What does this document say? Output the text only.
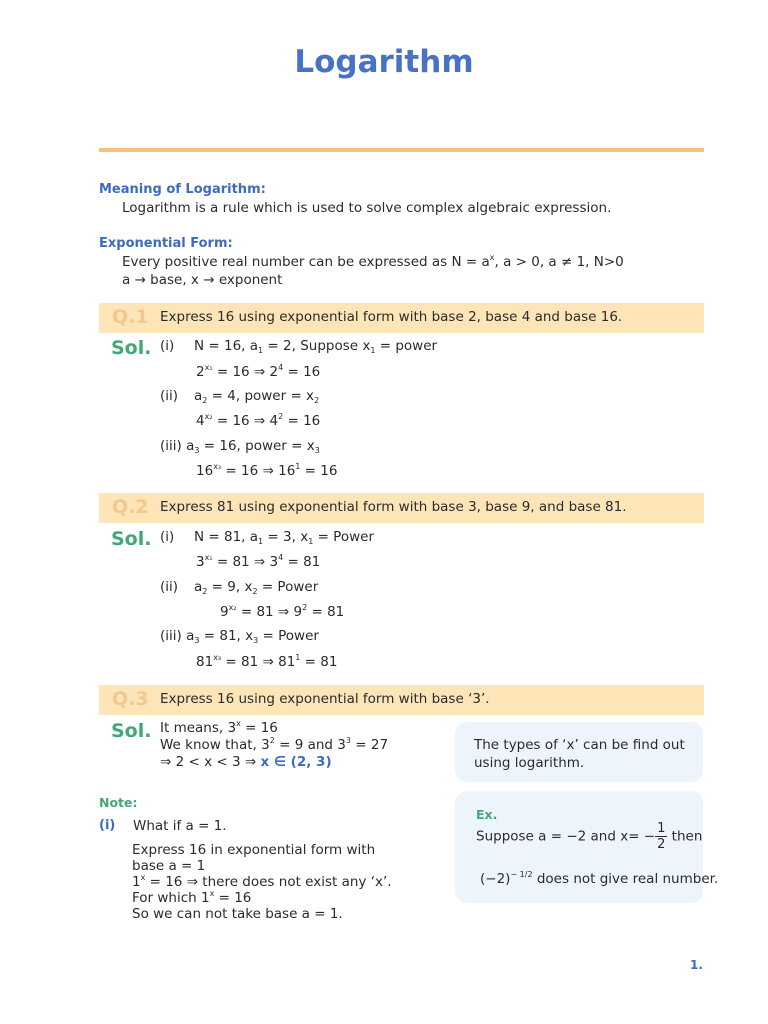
Logarithm
Meaning of Logarithm:
Logarithm is a rule which is used to solve complex algebraic expression.
Exponential Form:
Every positive real number can be expressed as $N = a^x$, a > 0, a ≠ 1, N>0
a → base, x → exponent
Q.1 Express 16 using exponential form with base 2, base 4 and base 16.
Sol. (i) N = 16, $a_1 = 2$, Suppose $x_1$ = power
$2^{x_1} = 16$ ⇒ $2^4 = 16$
(ii) $a_2 = 4$, power = $x_2$
$4^{x_2} = 16$ ⇒ $4^2 = 16$
(iii) $a_3 = 16$, power = $x_3$
$16^{x_3} = 16$ ⇒ $16^1 = 16$
Q.2 Express 81 using exponential form with base 3, base 9, and base 81.
Sol. (i) N = 81, $a_1 = 3$, $x_1$ = Power
$3^{x_1} = 81$ ⇒ $3^4 = 81$
(ii) $a_2 = 9$, $x_2$ = Power
$9^{x_2} = 81$ ⇒ $9^2 = 81$
(iii) $a_3 = 81$, $x_3$ = Power
$81^{x_3} = 81$ ⇒ $81^1 = 81$
Q.3 Express 16 using exponential form with base ‘3’.
Sol. It means, $3^x = 16$
We know that, $3^2 = 9$ and $3^3 = 27$
⇒ 2 < x < 3 ⇒ x ∈ (2, 3)
The types of ‘x’ can be find out
using logarithm.
Note:
(i) What if a = 1.
Express 16 in exponential form with
base a = 1
$1^x = 16$ ⇒ there does not exist any ‘x’.
For which $1^x = 16$
So we can not take base a = 1.
Ex.
Suppose a = −2 and $x= - \frac{1}{2}$ then
$(-2)^{- 1/2}$ does not give real number.
1.
